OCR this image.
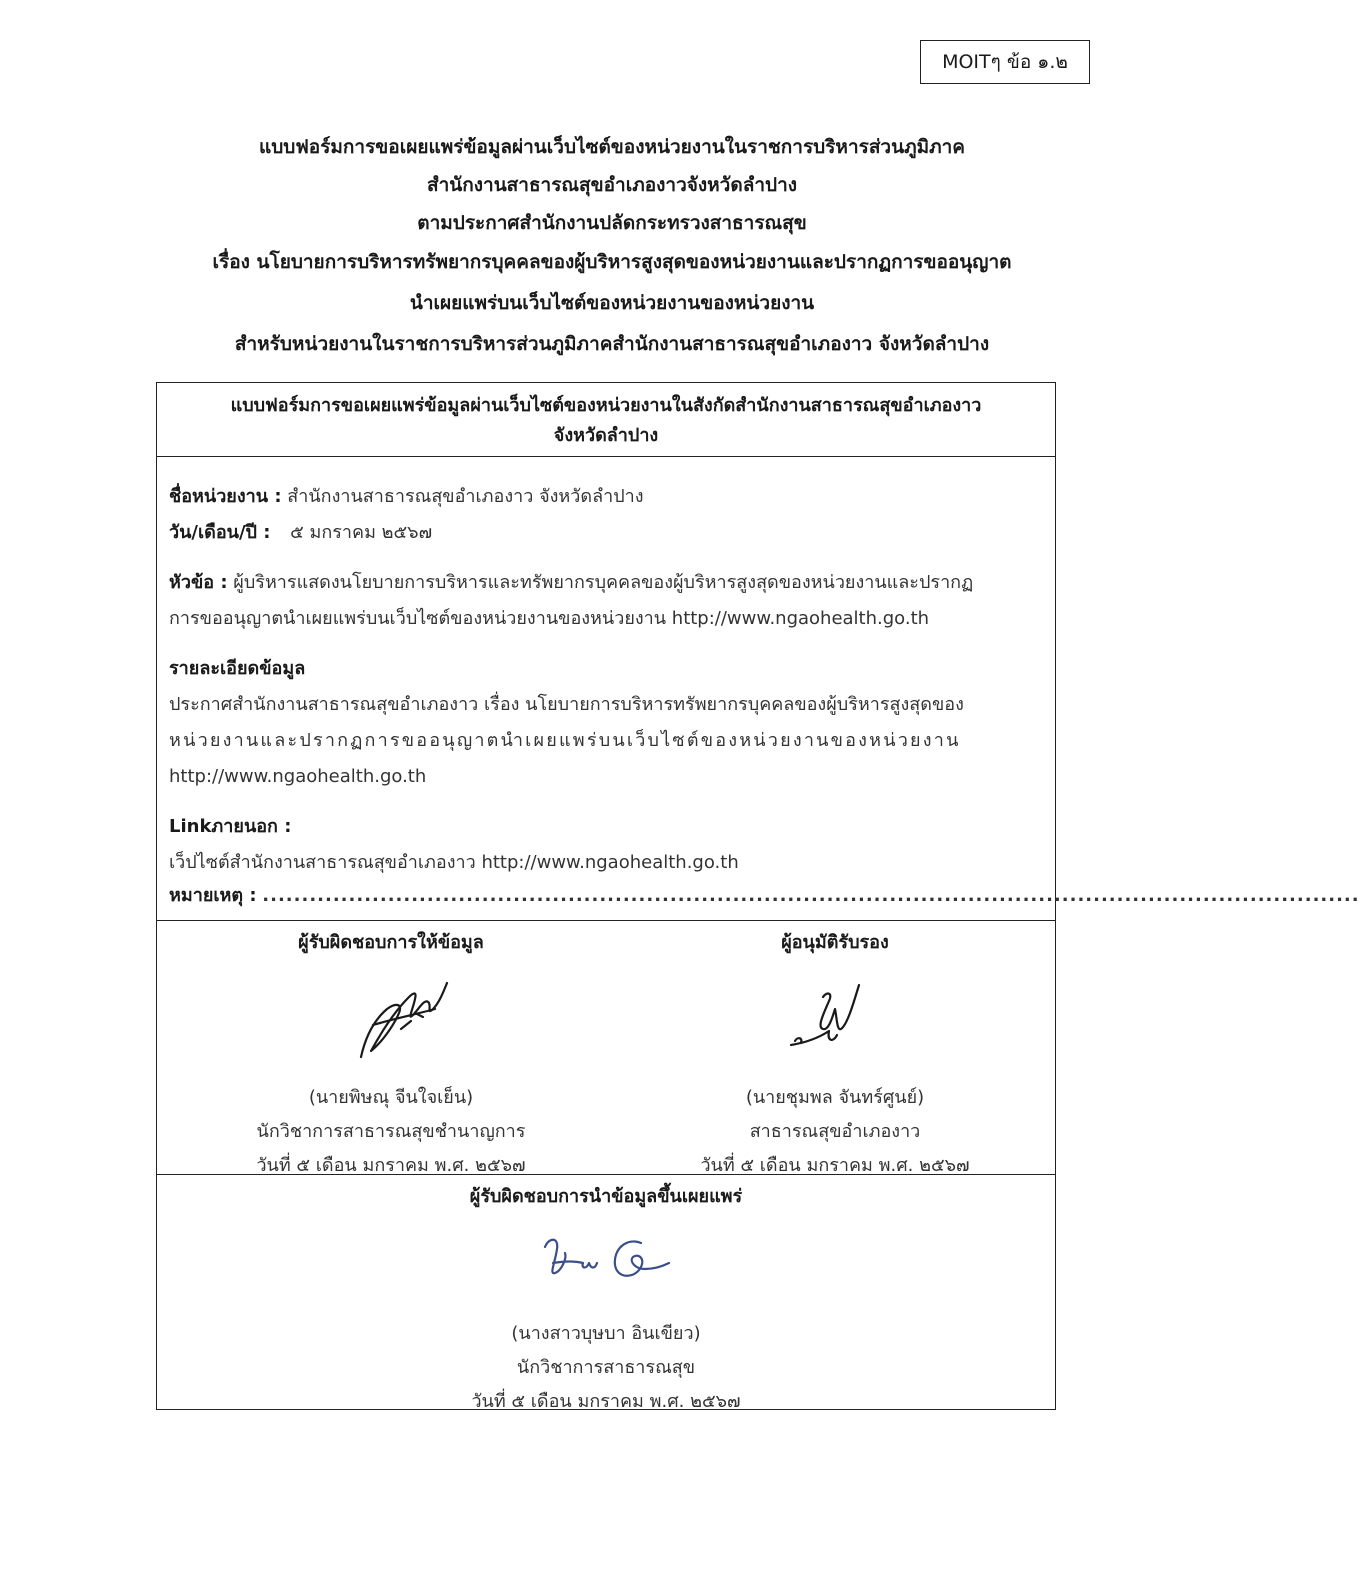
MOITๆ ข้อ ๑.๒
แบบฟอร์มการขอเผยแพร่ข้อมูลผ่านเว็บไซต์ของหน่วยงานในราชการบริหารส่วนภูมิภาค
สำนักงานสาธารณสุขอำเภองาวจังหวัดลำปาง
ตามประกาศสำนักงานปลัดกระทรวงสาธารณสุข
เรื่อง นโยบายการบริหารทรัพยากรบุคคลของผู้บริหารสูงสุดของหน่วยงานและปรากฏการขออนุญาต
นำเผยแพร่บนเว็บไซต์ของหน่วยงานของหน่วยงาน
สำหรับหน่วยงานในราชการบริหารส่วนภูมิภาคสำนักงานสาธารณสุขอำเภองาว จังหวัดลำปาง
แบบฟอร์มการขอเผยแพร่ข้อมูลผ่านเว็บไซต์ของหน่วยงานในสังกัดสำนักงานสาธารณสุขอำเภองาว
จังหวัดลำปาง
ชื่อหน่วยงาน : สำนักงานสาธารณสุขอำเภองาว จังหวัดลำปาง
วัน/เดือน/ปี : ๕ มกราคม ๒๕๖๗
หัวข้อ : ผู้บริหารแสดงนโยบายการบริหารและทรัพยากรบุคคลของผู้บริหารสูงสุดของหน่วยงานและปรากฏ
การขออนุญาตนำเผยแพร่บนเว็บไซต์ของหน่วยงานของหน่วยงาน http://www.ngaohealth.go.th
รายละเอียดข้อมูล
ประกาศสำนักงานสาธารณสุขอำเภองาว เรื่อง นโยบายการบริหารทรัพยากรบุคคลของผู้บริหารสูงสุดของ
หน่วยงานและปรากฏการขออนุญาตนำเผยแพร่บนเว็บไซต์ของหน่วยงานของหน่วยงาน
http://www.ngaohealth.go.th
Linkภายนอก :
เว็ปไซต์สำนักงานสาธารณสุขอำเภองาว http://www.ngaohealth.go.th
หมายเหตุ : ............................................................................................................................................
ผู้รับผิดชอบการให้ข้อมูล
(นายพิษณุ จีนใจเย็น)
นักวิชาการสาธารณสุขชำนาญการ
วันที่ ๕ เดือน มกราคม พ.ศ. ๒๕๖๗
ผู้อนุมัติรับรอง
(นายชุมพล จันทร์ศูนย์)
สาธารณสุขอำเภองาว
วันที่ ๕ เดือน มกราคม พ.ศ. ๒๕๖๗
ผู้รับผิดชอบการนำข้อมูลขึ้นเผยแพร่
(นางสาวบุษบา อินเขียว)
นักวิชาการสาธารณสุข
วันที่ ๕ เดือน มกราคม พ.ศ. ๒๕๖๗
